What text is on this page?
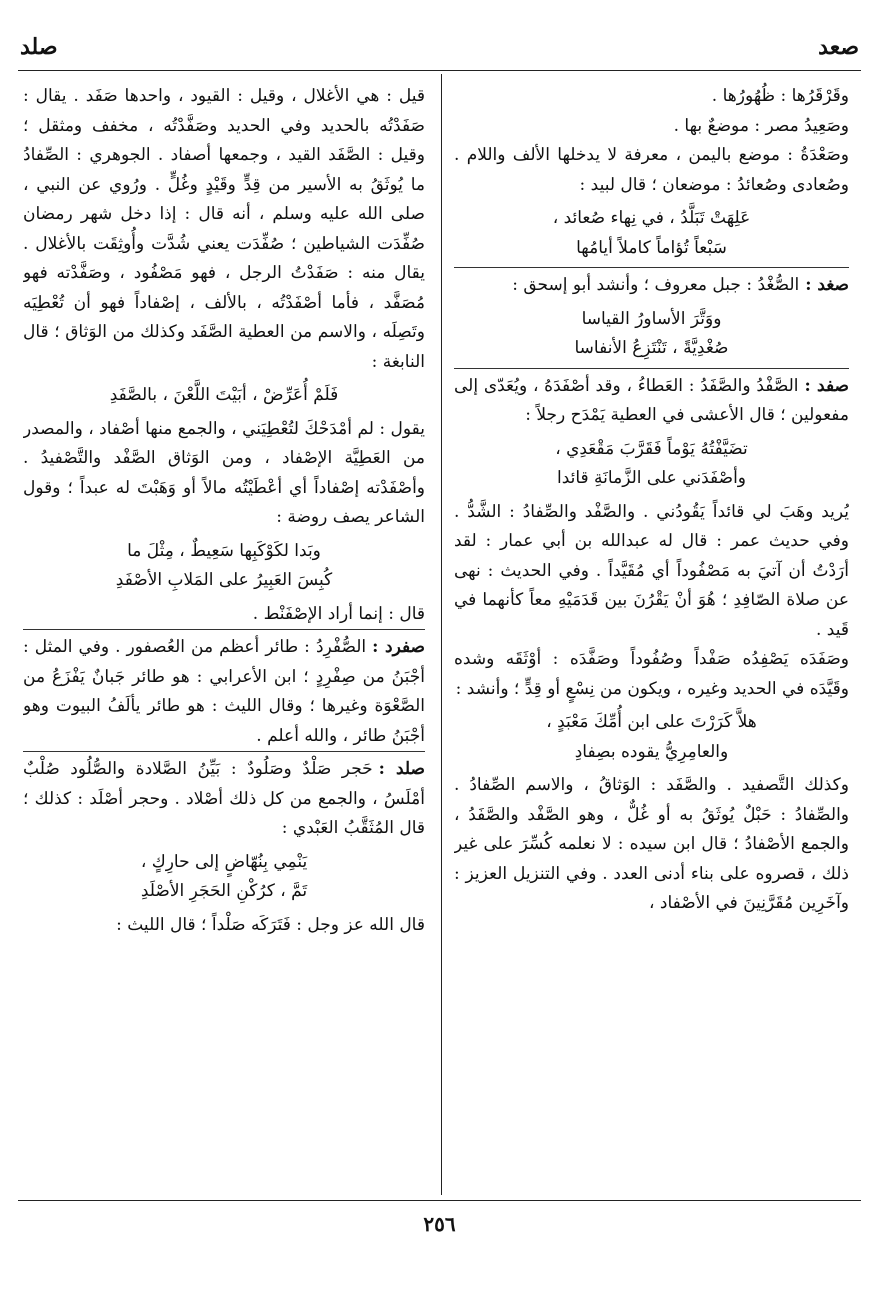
صعد
صلد

وقَرْقَرُها : ظُهُورُها .

وصَعِيدُ مصر : موضعٌ بها .

وصَعْدَةُ : موضع باليمن ، معرفة لا يدخلها الألف واللام . وصُعادى وصُعائدُ : موضعان ؛ قال لبيد :

عَلِهَتْ تَبَلَّدُ ، في نِهاء صُعائد ،

سَبْعاً تُؤاماً كاملاً أيامُها

صغد :الصُّغْدُ : جبل معروف ؛ وأنشد أبو إسحق :

ووَتَّرَ الأساورُ القياسا

صُغْدِيَّةً ، تَنْتَزِعُ الأنفاسا

صفد :الصَّفْدُ والصَّفَدُ : العَطاءُ ، وقد أصْفَدَهُ ، ويُعَدّى إلى مفعولين ؛ قال الأعشى في العطية يَمْدَح رجلاً :

تضَيَّفْتُهُ يَوْماً فَقَرَّبَ مَقْعَدِي ،

وأصْفَدَني على الزَّمانَةِ قائدا

يُريد وهَبَ لي قائداً يَقُودُني . والصَّفْد والصِّفادُ : الشَّدُّ . وفي حديث عمر : قال له عبدالله بن أبي عمار : لقد أرَدْتُ أن آتيَ به مَصْفُوداً أي مُقَيَّداً . وفي الحديث : نهى عن صلاة الصّافِدِ ؛ هُوَ أنْ يَقْرُنَ بين قَدَمَيْهِ معاً كأنهما في قَيد .

وصَفَدَه يَصْفِدُه صَفْداً وصُفُوداً وصَفَّدَه : أوْثَقَه وشده وقَيَّدَه في الحديد وغيره ، ويكون من نِسْعٍ أو قِدٍّ ؛ وأنشد :

هلاَّ كَرَرْتَ على ابن أُمِّكَ مَعْبَدٍ ،

والعامِرِيُّ يقوده بصِفادِ

وكذلك التَّصفيد . والصَّفَد : الوَثاقُ ، والاسم الصِّفادُ . والصِّفادُ : حَبْلٌ يُوثَقُ به أو غُلٌّ ، وهو الصَّفْد والصَّفَدُ ، والجمع الأصْفادُ ؛ قال ابن سيده : لا نعلمه كُسِّرَ على غير ذلك ، قصروه على بناء أدنى العدد . وفي التنزيل العزيز : وآخَرِين مُقَرَّنِينَ في الأصْفاد ،

قيل : هي الأغلال ، وقيل : القيود ، واحدها صَفَد . يقال : صَفَدْتُه بالحديد وفي الحديد وصَفَّدْتُه ، مخفف ومثقل ؛ وقيل : الصَّفَد القيد ، وجمعها أصفاد . الجوهري : الصِّفادُ ما يُوثَقُ به الأسير من قِدٍّ وقَيْدٍ وغُلٍّ . ورُوي عن النبي ، صلى الله عليه وسلم ، أنه قال : إذا دخل شهر رمضان صُفِّدَت الشياطين ؛ صُفِّدَت يعني شُدَّت وأُوثِقَت بالأغلال . يقال منه : صَفَدْتُ الرجل ، فهو مَصْفُود ، وصَفَّدْته فهو مُصَفَّد ، فأما أصْفَدْتُه ، بالألف ، إصْفاداً فهو أن تُعْطِيَه وتَصِلَه ، والاسم من العطية الصَّفَد وكذلك من الوَثاق ؛ قال النابغة :

فَلَمْ أُعَرِّضْ ، أبَيْتَ اللَّعْنَ ، بالصَّفَدِ

يقول : لم أمْدَحْكَ لتُعْطِيَني ، والجمع منها أصْفاد ، والمصدر من العَطِيَّة الإصْفاد ، ومن الوَثاق الصَّفْد والتَّصْفيدُ . وأصْفَدْته إصْفاداً أي أعْطَيْتُه مالاً أو وَهَبْتَ له عبداً ؛ وقول الشاعر يصف روضة :

وبَدا لكَوْكَبِها سَعِيطٌ ، مِثْلَ ما

كُبِسَ العَبِيرُ على المَلابِ الأصْفَدِ

قال : إنما أراد الإصْفَنْط .

صفرد :الصُّفْرِدُ : طائر أعظم من العُصفور . وفي المثل : أجْبَنُ من صِفْرِدٍ ؛ ابن الأعرابي : هو طائر جَبانٌ يَفْزَعُ من الصَّعْوَة وغيرها ؛ وقال الليث : هو طائر يألَفُ البيوت وهو أجْبَنُ طائر ، والله أعلم .

صلد :حَجر صَلْدٌ وصَلُودٌ : بَيِّنُ الصَّلادة والصُّلُود صُلْبٌ أمْلَسُ ، والجمع من كل ذلك أصْلاد . وحجر أصْلَد : كذلك ؛ قال المُثَقَّبُ العَبْدي :

يَنْمِي بِنُهّاضٍ إلى حارِكٍ ،

تَمَّ ، كرُكْنِ الحَجَرِ الأصْلَدِ

قال الله عز وجل : فَتَرَكَه صَلْداً ؛ قال الليث :

٢٥٦
